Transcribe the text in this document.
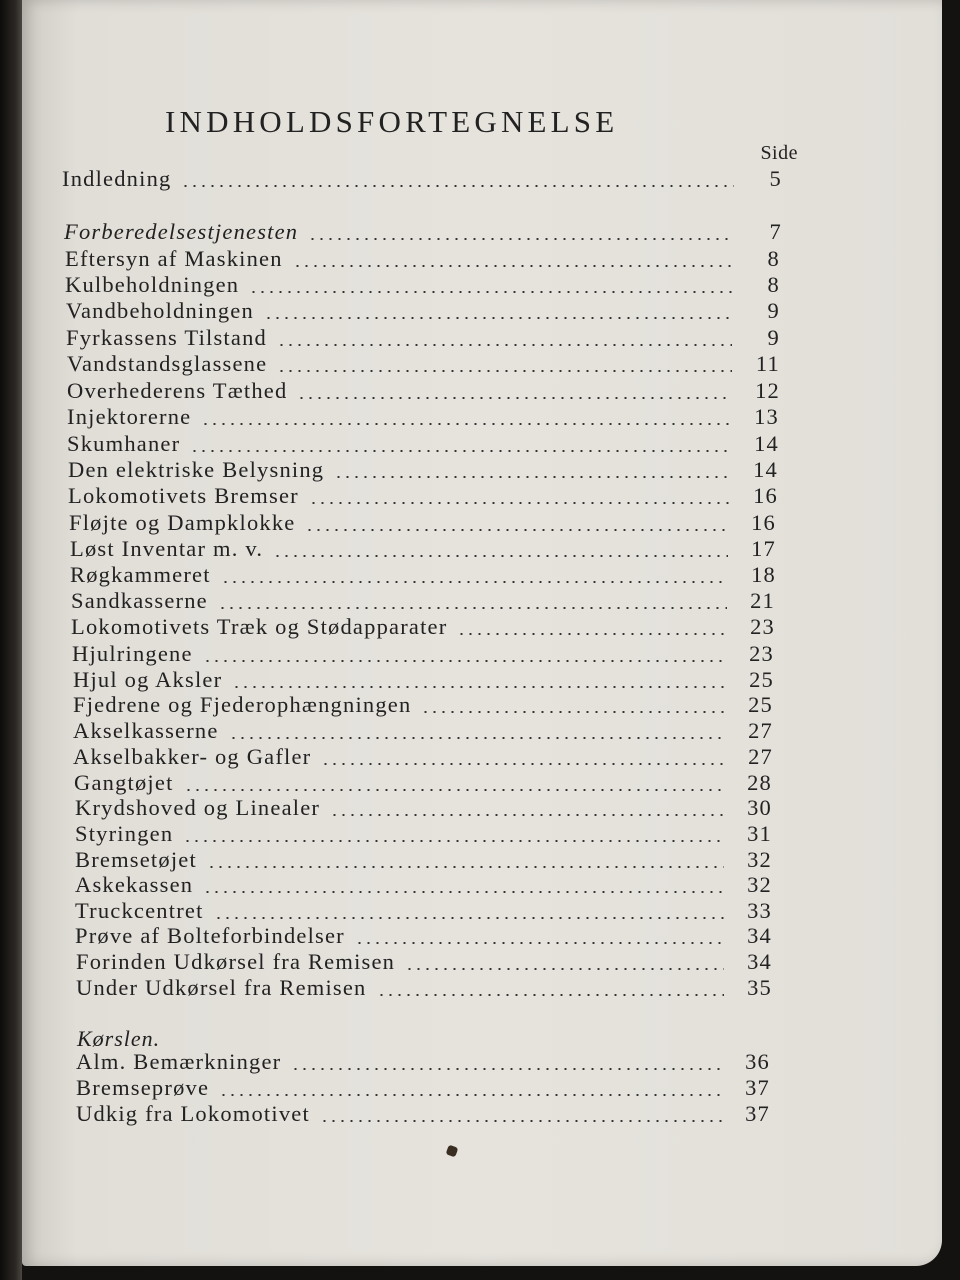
INDHOLDSFORTEGNELSE
Side
Indledning	5
Forberedelsestjenesten	7
Eftersyn af Maskinen	8
Kulbeholdningen	8
Vandbeholdningen	9
Fyrkassens Tilstand	9
Vandstandsglassene	11
Overhederens Tæthed	12
Injektorerne	13
Skumhaner	14
Den elektriske Belysning	14
Lokomotivets Bremser	16
Fløjte og Dampklokke	16
Løst Inventar m. v.	17
Røgkammeret	18
Sandkasserne	21
Lokomotivets Træk og Stødapparater	23
Hjulringene	23
Hjul og Aksler	25
Fjedrene og Fjederophængningen	25
Akselkasserne	27
Akselbakker- og Gafler	27
Gangtøjet	28
Krydshoved og Linealer	30
Styringen	31
Bremsetøjet	32
Askekassen	32
Truckcentret	33
Prøve af Bolteforbindelser	34
Forinden Udkørsel fra Remisen	34
Under Udkørsel fra Remisen	35
Alm. Bemærkninger	36
Bremseprøve	37
Udkig fra Lokomotivet	37
Kørslen.
